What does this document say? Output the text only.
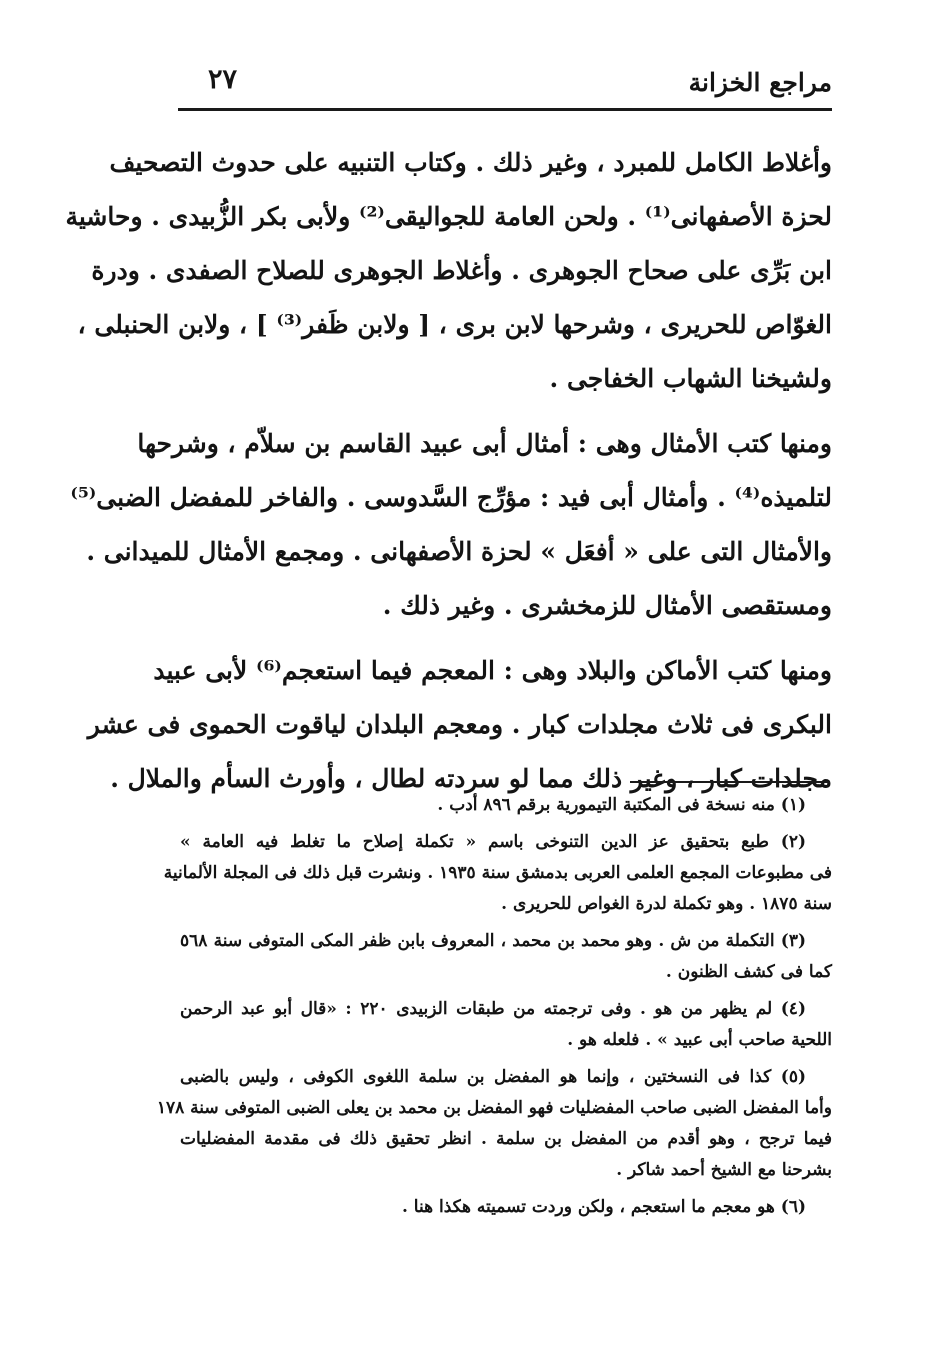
مراجع الخزانة
٢٧

وأغلاط الكامل للمبرد ، وغير ذلك . وكتاب التنبيه على حدوث التصحيف
لحزة الأصفهانى⁽¹⁾ . ولحن العامة للجواليقى⁽²⁾ ولأبى بكر الزُّبيدى . وحاشية
ابن بَرِّى على صحاح الجوهرى . وأغلاط الجوهرى للصلاح الصفدى . ودرة
الغوّاص للحريرى ، وشرحها لابن برى ، [ ولابن ظَفر⁽³⁾ ] ، ولابن الحنبلى ،
ولشيخنا الشهاب الخفاجى .

ومنها كتب الأمثال وهى : أمثال أبى عبيد القاسم بن سلاّم ، وشرحها
لتلميذه⁽⁴⁾ . وأمثال أبى فيد : مؤرِّج السَّدوسى . والفاخر للمفضل الضبى⁽⁵⁾
والأمثال التى على « أفعَل » لحزة الأصفهانى . ومجمع الأمثال للميدانى .
ومستقصى الأمثال للزمخشرى . وغير ذلك .

ومنها كتب الأماكن والبلاد وهى : المعجم فيما استعجم⁽⁶⁾ لأبى عبيد
البكرى فى ثلاث مجلدات كبار . ومعجم البلدان لياقوت الحموى فى عشر
مجلدات كبار ، وغير ذلك مما لو سردته لطال ، وأورث السأم والملال .

(١) منه نسخة فى المكتبة التيمورية برقم ٨٩٦ أدب .

(٢) طبع بتحقيق عز الدين التنوخى باسم « تكملة إصلاح ما تغلط فيه العامة »
فى مطبوعات المجمع العلمى العربى بدمشق سنة ١٩٣٥ . ونشرت قبل ذلك فى المجلة الألمانية
سنة ١٨٧٥ . وهو تكملة لدرة الغواص للحريرى .

(٣) التكملة من ش . وهو محمد بن محمد ، المعروف بابن ظفر المكى المتوفى سنة ٥٦٨
كما فى كشف الظنون .

(٤) لم يظهر من هو . وفى ترجمته من طبقات الزبيدى ٢٢٠ : «قال أبو عبد الرحمن
اللحية صاحب أبى عبيد » . فلعله هو .

(٥) كذا فى النسختين ، وإنما هو المفضل بن سلمة اللغوى الكوفى ، وليس بالضبى
وأما المفضل الضبى صاحب المفضليات فهو المفضل بن محمد بن يعلى الضبى المتوفى سنة ١٧٨
فيما ترجح ، وهو أقدم من المفضل بن سلمة . انظر تحقيق ذلك فى مقدمة المفضليات
بشرحنا مع الشيخ أحمد شاكر .

(٦) هو معجم ما استعجم ، ولكن وردت تسميته هكذا هنا .
